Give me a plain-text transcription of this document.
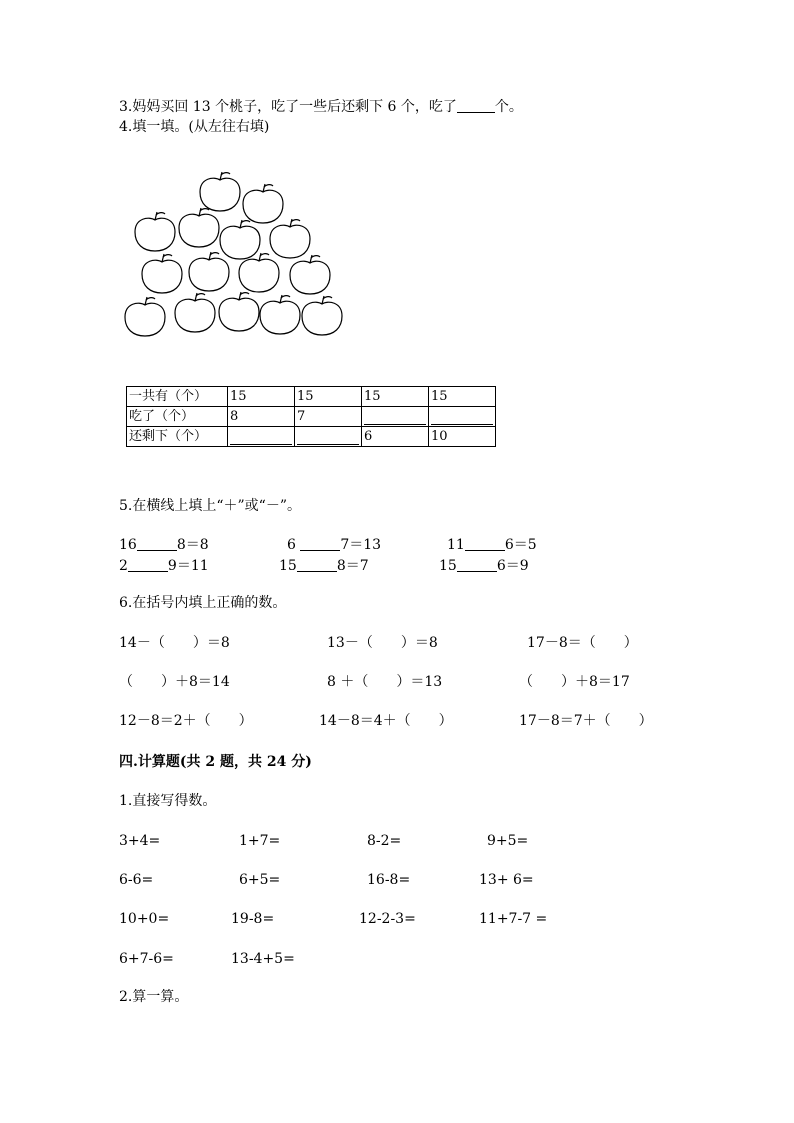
3.妈妈买回 13 个桃子，吃了一些后还剩下 6 个，吃了	个。
4.填一填。(从左往右填)
一共有（个）	15	15	15	15
吃了（个）	8	7	

还剩下（个）			6	10
5.在横线上填上“＋”或“－”。
16	8＝8	6	7＝13	11	6＝5
2	9＝11	15	8＝7	15	6＝9
6.在括号内填上正确的数。
14－（　　）＝8	13－（　　）＝8	17－8＝（　　）
（　　）＋8＝14	8 ＋（　　）＝13	（　　）＋8＝17
12－8＝2＋（　　）	14－8＝4＋（　　）	17－8＝7＋（　　）
四.计算题(共 2 题，共 24 分)
1.直接写得数。
3+4=	1+7=	8-2=	9+5=
6-6=	6+5=	16-8=	13+ 6=
10+0=	19-8=	12-2-3=	11+7-7 =
6+7-6=	13-4+5=
2.算一算。
